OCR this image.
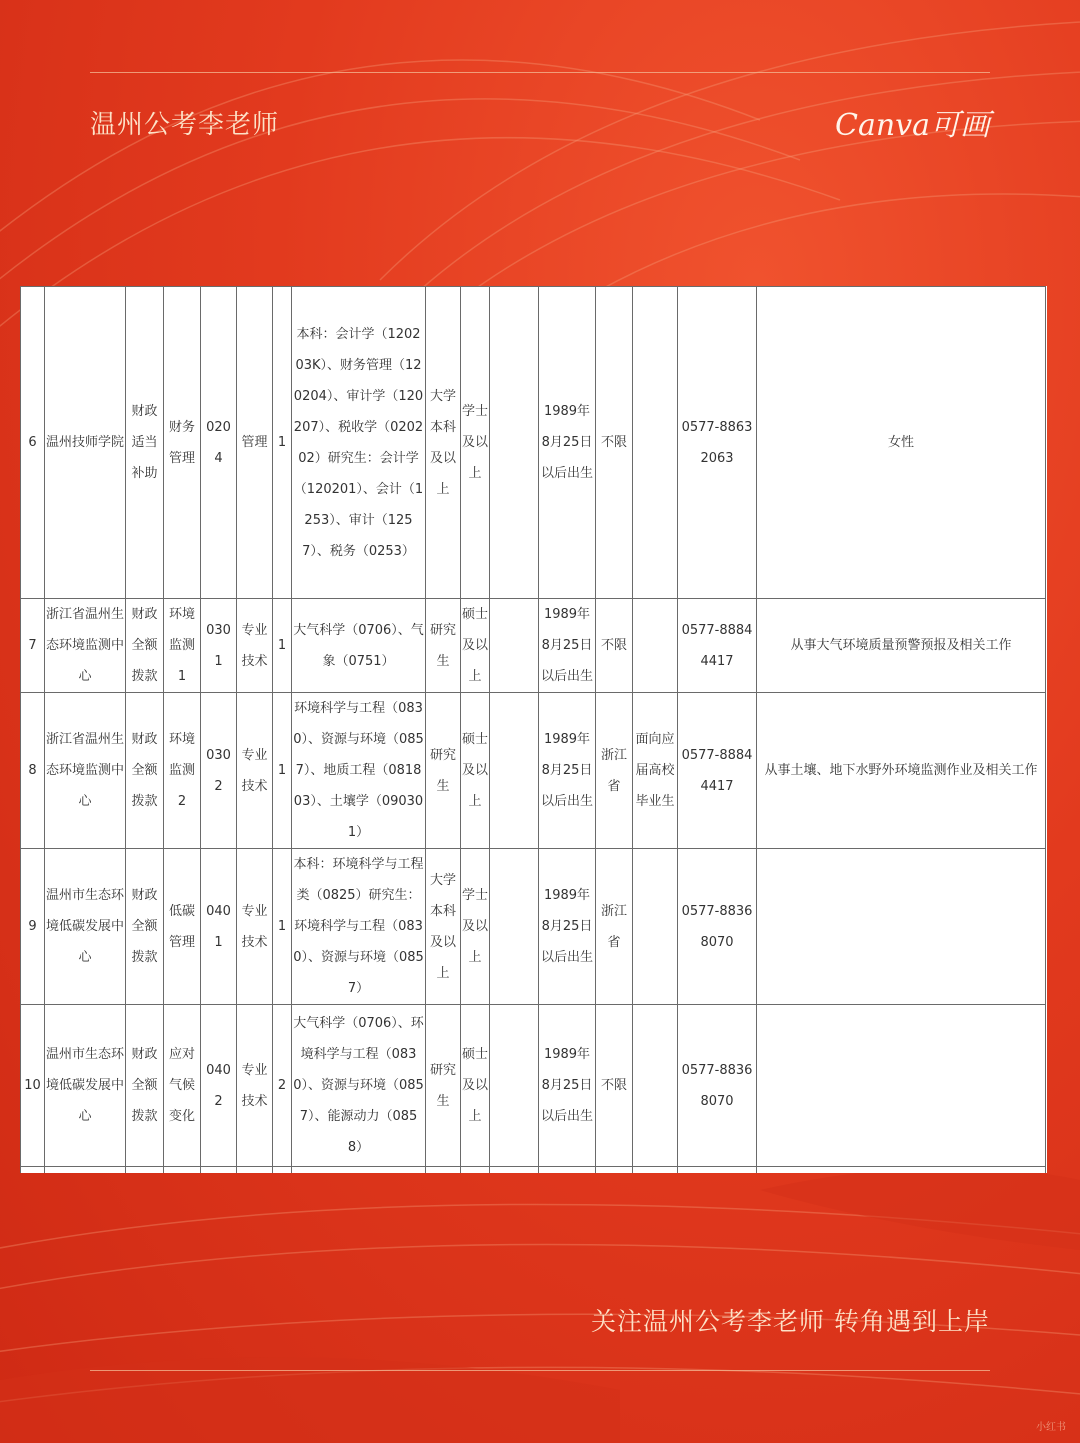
温州公考李老师	Canva可画
6	温州技师学院	财政适当补助	财务管理	0204	管理	1	本科：会计学（120203K）、财务管理（120204）、审计学（120207）、税收学（020202）研究生：会计学（120201）、会计（1253）、审计（1257）、税务（0253）	大学本科及以上	学士及以上		1989年8月25日以后出生	不限		0577-88632063	女性
7	浙江省温州生态环境监测中心	财政全额拨款	环境监测1	0301	专业技术	1	大气科学（0706）、气象（0751）	研究生	硕士及以上		1989年8月25日以后出生	不限		0577-88844417	从事大气环境质量预警预报及相关工作
8	浙江省温州生态环境监测中心	财政全额拨款	环境监测2	0302	专业技术	1	环境科学与工程（0830）、资源与环境（0857）、地质工程（081803）、土壤学（090301）	研究生	硕士及以上		1989年8月25日以后出生	浙江省	面向应届高校毕业生	0577-88844417	从事土壤、地下水野外环境监测作业及相关工作
9	温州市生态环境低碳发展中心	财政全额拨款	低碳管理	0401	专业技术	1	本科：环境科学与工程类（0825）研究生：环境科学与工程（0830）、资源与环境（0857）	大学本科及以上	学士及以上		1989年8月25日以后出生	浙江省		0577-88368070	
10	温州市生态环境低碳发展中心	财政全额拨款	应对气候变化	0402	专业技术	2	大气科学（0706）、环境科学与工程（0830）、资源与环境（0857）、能源动力（0858）	研究生	硕士及以上		1989年8月25日以后出生	不限		0577-88368070	

关注温州公考李老师 转角遇到上岸
小红书
